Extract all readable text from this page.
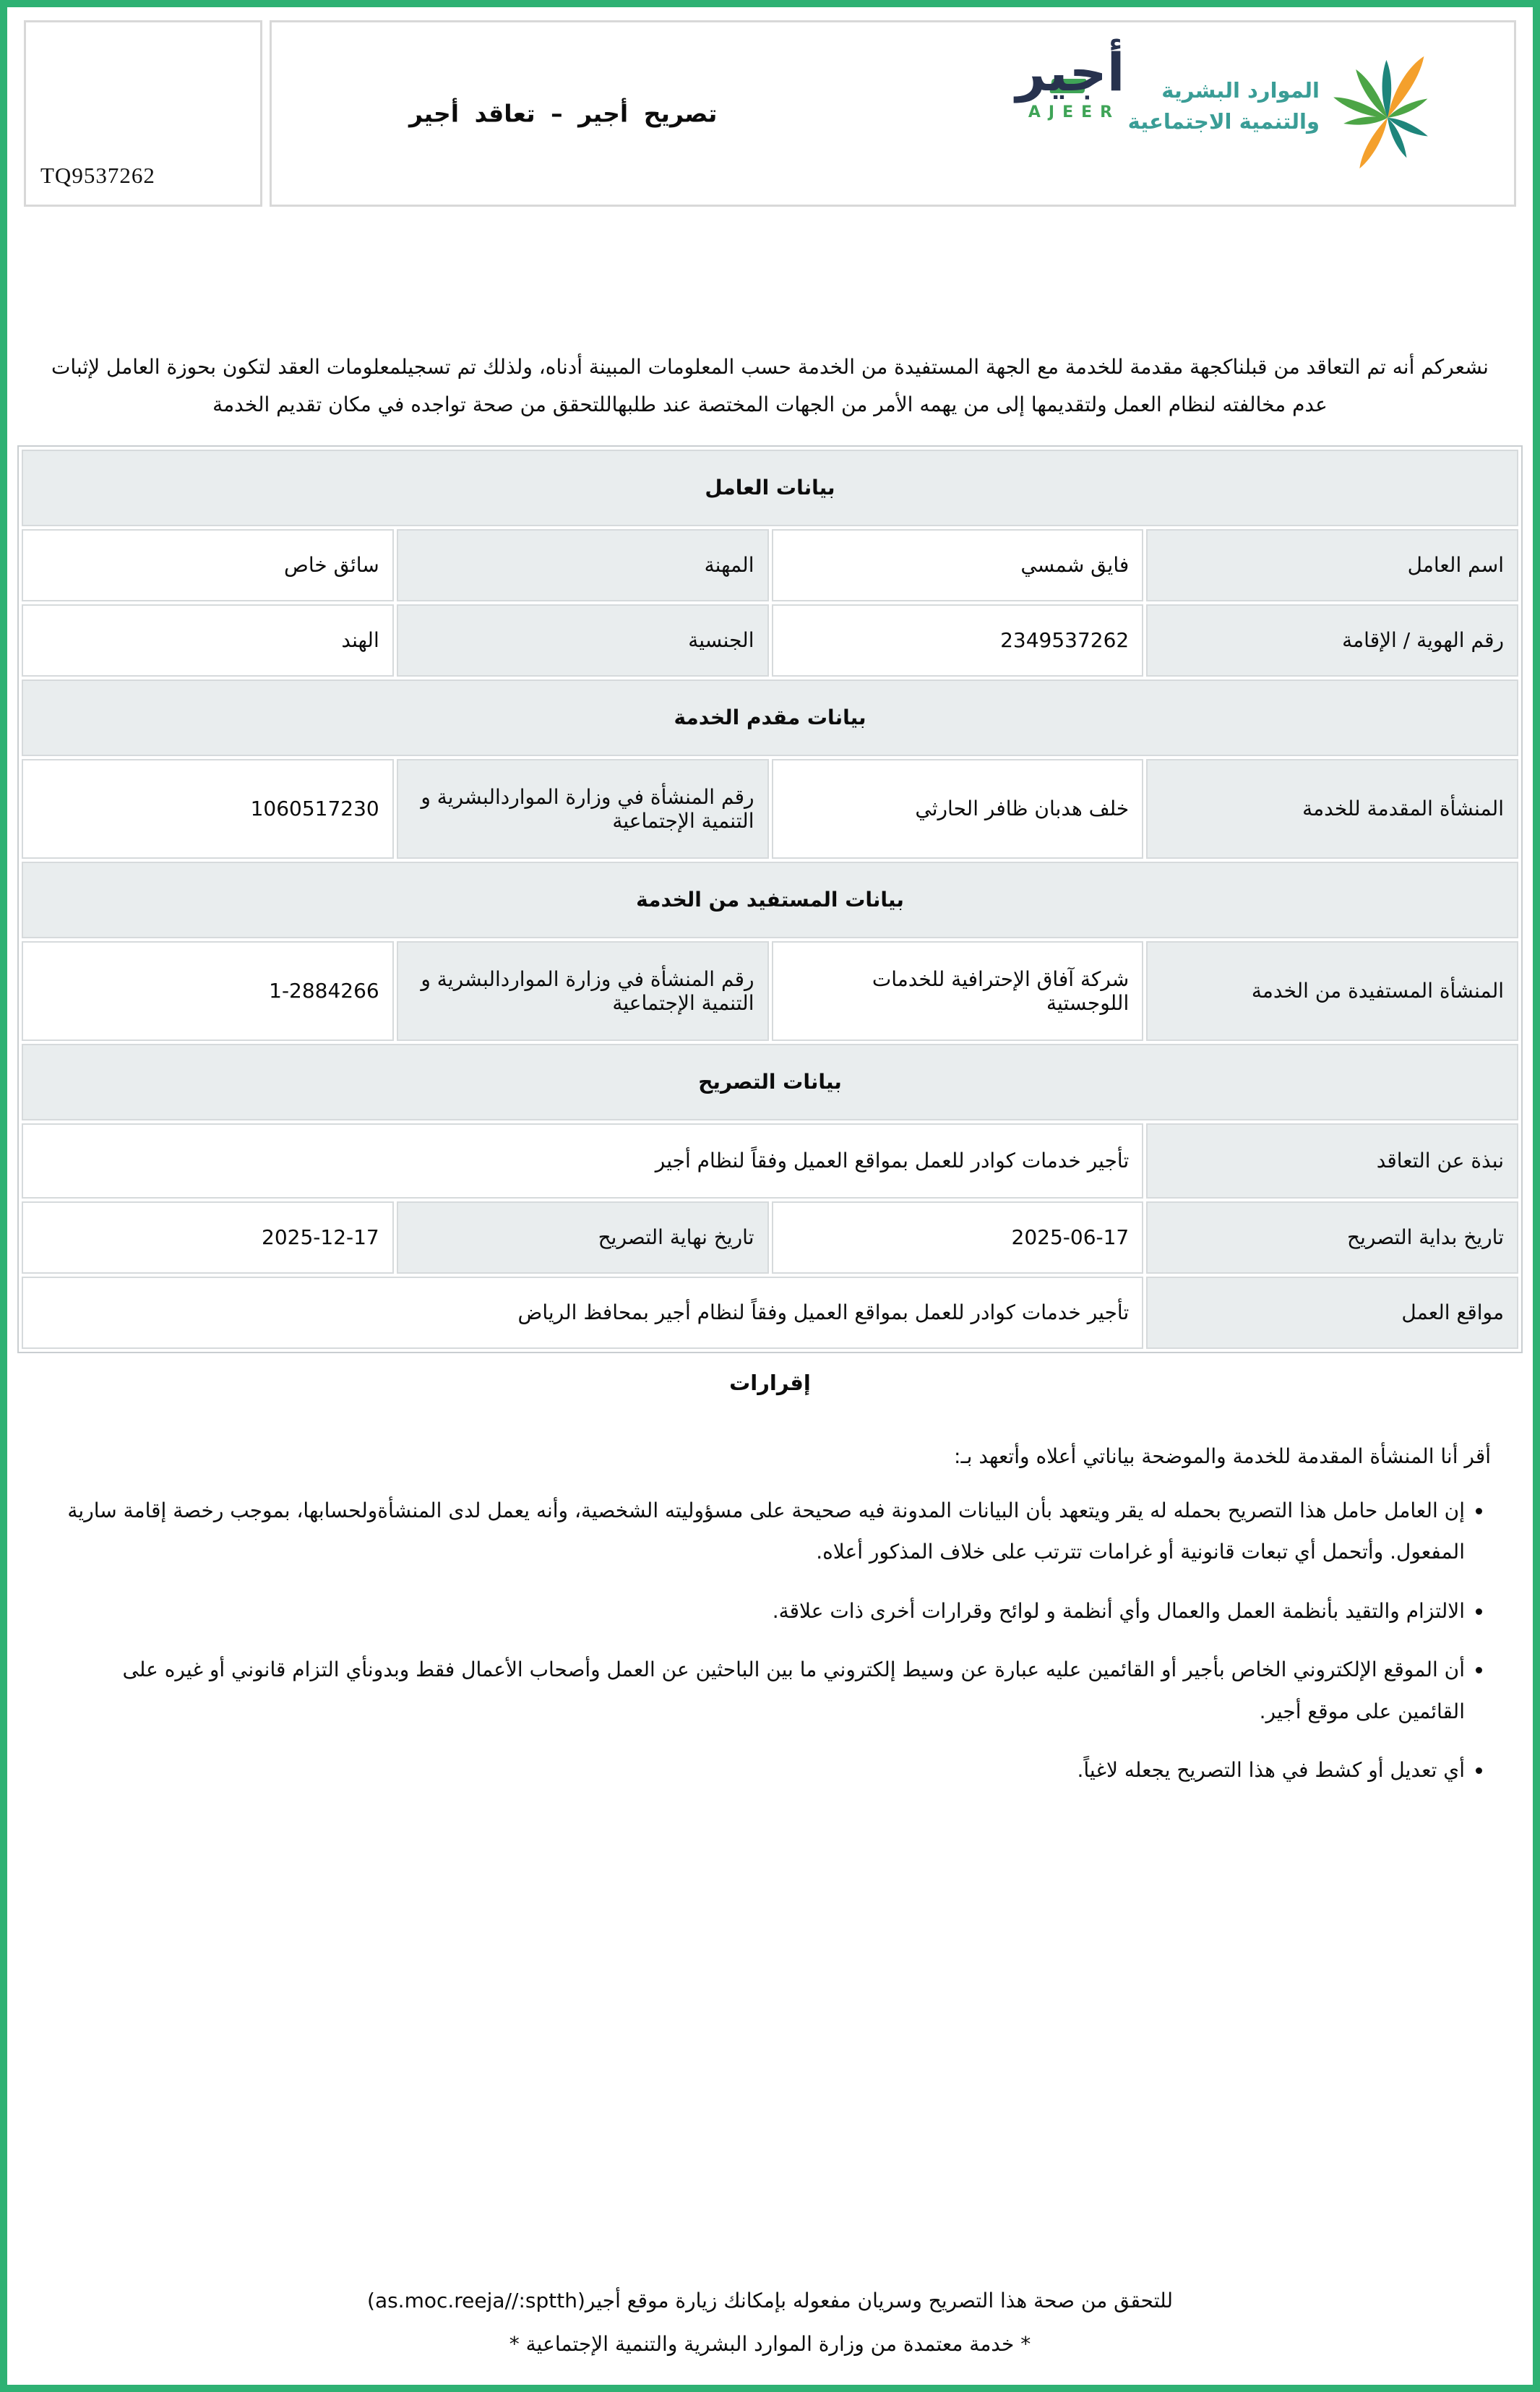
TQ9537262
تصريح أجير – تعاقد أجير
أجير
AJEER
الموارد البشرية
والتنمية الاجتماعية

نشعركم أنه تم التعاقد من قبلناكجهة مقدمة للخدمة مع الجهة المستفيدة من الخدمة حسب المعلومات المبينة أدناه، ولذلك تم تسجيلمعلومات العقد لتكون بحوزة العامل لإثبات عدم مخالفته لنظام العمل ولتقديمها إلى من يهمه الأمر من الجهات المختصة عند طلبهاللتحقق من صحة تواجده في مكان تقديم الخدمة

بيانات العامل			
اسم العامل	فايق شمسي	المهنة	سائق خاص
رقم الهوية / الإقامة	2349537262	الجنسية	الهند
بيانات مقدم الخدمة			
المنشأة المقدمة للخدمة	خلف هدبان ظافر الحارثي	رقم المنشأة في وزارة المواردالبشرية و التنمية الإجتماعية	1060517230
بيانات المستفيد من الخدمة			
المنشأة المستفيدة من الخدمة	شركة آفاق الإحترافية للخدمات اللوجستية	رقم المنشأة في وزارة المواردالبشرية و التنمية الإجتماعية	1-2884266
بيانات التصريح			
نبذة عن التعاقد	تأجير خدمات كوادر للعمل بمواقع العميل وفقاً لنظام أجير		
تاريخ بداية التصريح	2025-06-17	تاريخ نهاية التصريح	2025-12-17
مواقع العمل	تأجير خدمات كوادر للعمل بمواقع العميل وفقاً لنظام أجير بمحافظ الرياض		
إقرارات

أقر أنا المنشأة المقدمة للخدمة والموضحة بياناتي أعلاه وأتعهد بـ:

• إن العامل حامل هذا التصريح بحمله له يقر ويتعهد بأن البيانات المدونة فيه صحيحة على مسؤوليته الشخصية، وأنه يعمل لدى المنشأةولحسابها، بموجب رخصة إقامة سارية المفعول. وأتحمل أي تبعات قانونية أو غرامات تترتب على خلاف المذكور أعلاه.
• الالتزام والتقيد بأنظمة العمل والعمال وأي أنظمة و لوائح وقرارات أخرى ذات علاقة.
• أن الموقع الإلكتروني الخاص بأجير أو القائمين عليه عبارة عن وسيط إلكتروني ما بين الباحثين عن العمل وأصحاب الأعمال فقط وبدونأي التزام قانوني أو غيره على القائمين على موقع أجير.
• أي تعديل أو كشط في هذا التصريح يجعله لاغياً.
للتحقق من صحة هذا التصريح وسريان مفعوله بإمكانك زيارة موقع أجير(as.moc.reeja//:sptth)
* خدمة معتمدة من وزارة الموارد البشرية والتنمية الإجتماعية *
